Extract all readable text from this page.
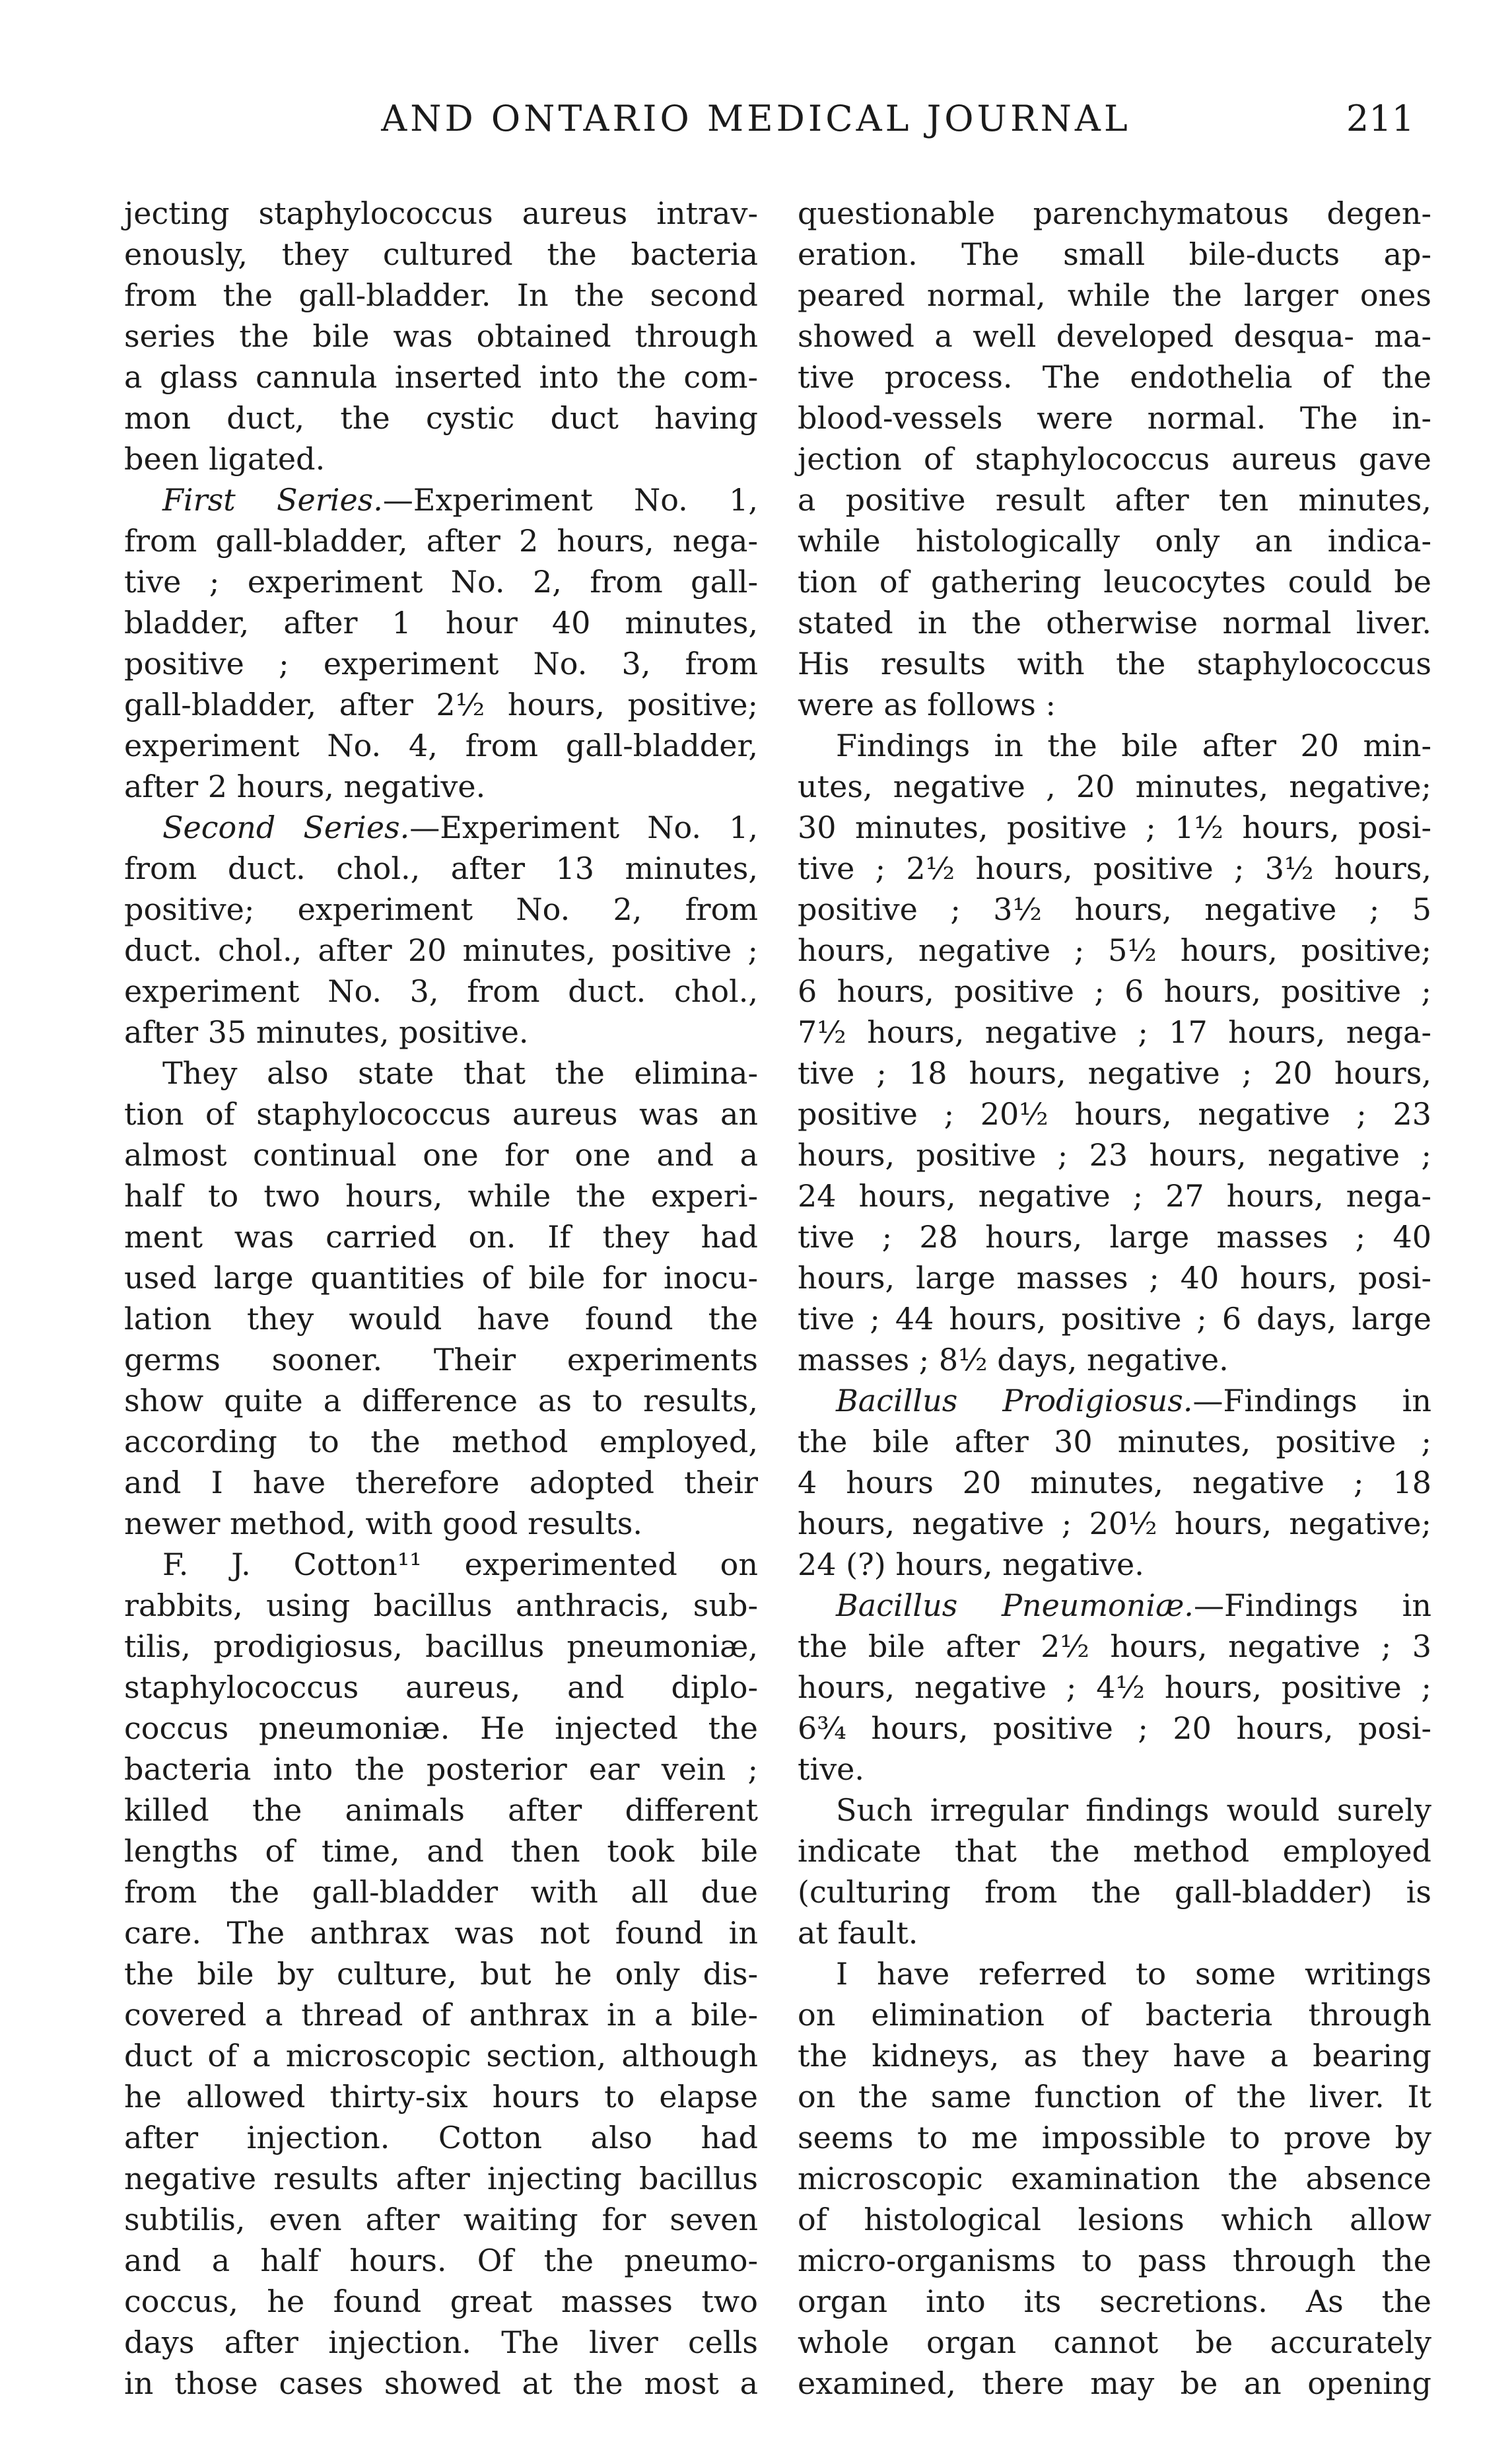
AND ONTARIO MEDICAL JOURNAL	211
jecting staphylococcus aureus intrav-
enously, they cultured the bacteria
from the gall-bladder. In the second
series the bile was obtained through
a glass cannula inserted into the com-
mon duct, the cystic duct having
been ligated.
First Series.—Experiment No. 1,
from gall-bladder, after 2 hours, nega-
tive ; experiment No. 2, from gall-
bladder, after 1 hour 40 minutes,
positive ; experiment No. 3, from
gall-bladder, after 2½ hours, positive;
experiment No. 4, from gall-bladder,
after 2 hours, negative.
Second Series.—Experiment No. 1,
from duct. chol., after 13 minutes,
positive; experiment No. 2, from
duct. chol., after 20 minutes, positive ;
experiment No. 3, from duct. chol.,
after 35 minutes, positive.
They also state that the elimina-
tion of staphylococcus aureus was an
almost continual one for one and a
half to two hours, while the experi-
ment was carried on. If they had
used large quantities of bile for inocu-
lation they would have found the
germs sooner. Their experiments
show quite a difference as to results,
according to the method employed,
and I have therefore adopted their
newer method, with good results.
F. J. Cotton¹¹ experimented on
rabbits, using bacillus anthracis, sub-
tilis, prodigiosus, bacillus pneumoniæ,
staphylococcus aureus, and diplo-
coccus pneumoniæ. He injected the
bacteria into the posterior ear vein ;
killed the animals after different
lengths of time, and then took bile
from the gall-bladder with all due
care. The anthrax was not found in
the bile by culture, but he only dis-
covered a thread of anthrax in a bile-
duct of a microscopic section, although
he allowed thirty-six hours to elapse
after injection. Cotton also had
negative results after injecting bacillus
subtilis, even after waiting for seven
and a half hours. Of the pneumo-
coccus, he found great masses two
days after injection. The liver cells
in those cases showed at the most a
questionable parenchymatous degen-
eration. The small bile-ducts ap-
peared normal, while the larger ones
showed a well developed desqua- ma-
tive process. The endothelia of the
blood-vessels were normal. The in-
jection of staphylococcus aureus gave
a positive result after ten minutes,
while histologically only an indica-
tion of gathering leucocytes could be
stated in the otherwise normal liver.
His results with the staphylococcus
were as follows :
Findings in the bile after 20 min-
utes, negative , 20 minutes, negative;
30 minutes, positive ; 1½ hours, posi-
tive ; 2½ hours, positive ; 3½ hours,
positive ; 3½ hours, negative ; 5
hours, negative ; 5½ hours, positive;
6 hours, positive ; 6 hours, positive ;
7½ hours, negative ; 17 hours, nega-
tive ; 18 hours, negative ; 20 hours,
positive ; 20½ hours, negative ; 23
hours, positive ; 23 hours, negative ;
24 hours, negative ; 27 hours, nega-
tive ; 28 hours, large masses ; 40
hours, large masses ; 40 hours, posi-
tive ; 44 hours, positive ; 6 days, large
masses ; 8½ days, negative.
Bacillus Prodigiosus.—Findings in
the bile after 30 minutes, positive ;
4 hours 20 minutes, negative ; 18
hours, negative ; 20½ hours, negative;
24 (?) hours, negative.
Bacillus Pneumoniæ.—Findings in
the bile after 2½ hours, negative ; 3
hours, negative ; 4½ hours, positive ;
6¾ hours, positive ; 20 hours, posi-
tive.
Such irregular findings would surely
indicate that the method employed
(culturing from the gall-bladder) is
at fault.
I have referred to some writings
on elimination of bacteria through
the kidneys, as they have a bearing
on the same function of the liver. It
seems to me impossible to prove by
microscopic examination the absence
of histological lesions which allow
micro-organisms to pass through the
organ into its secretions. As the
whole organ cannot be accurately
examined, there may be an opening
